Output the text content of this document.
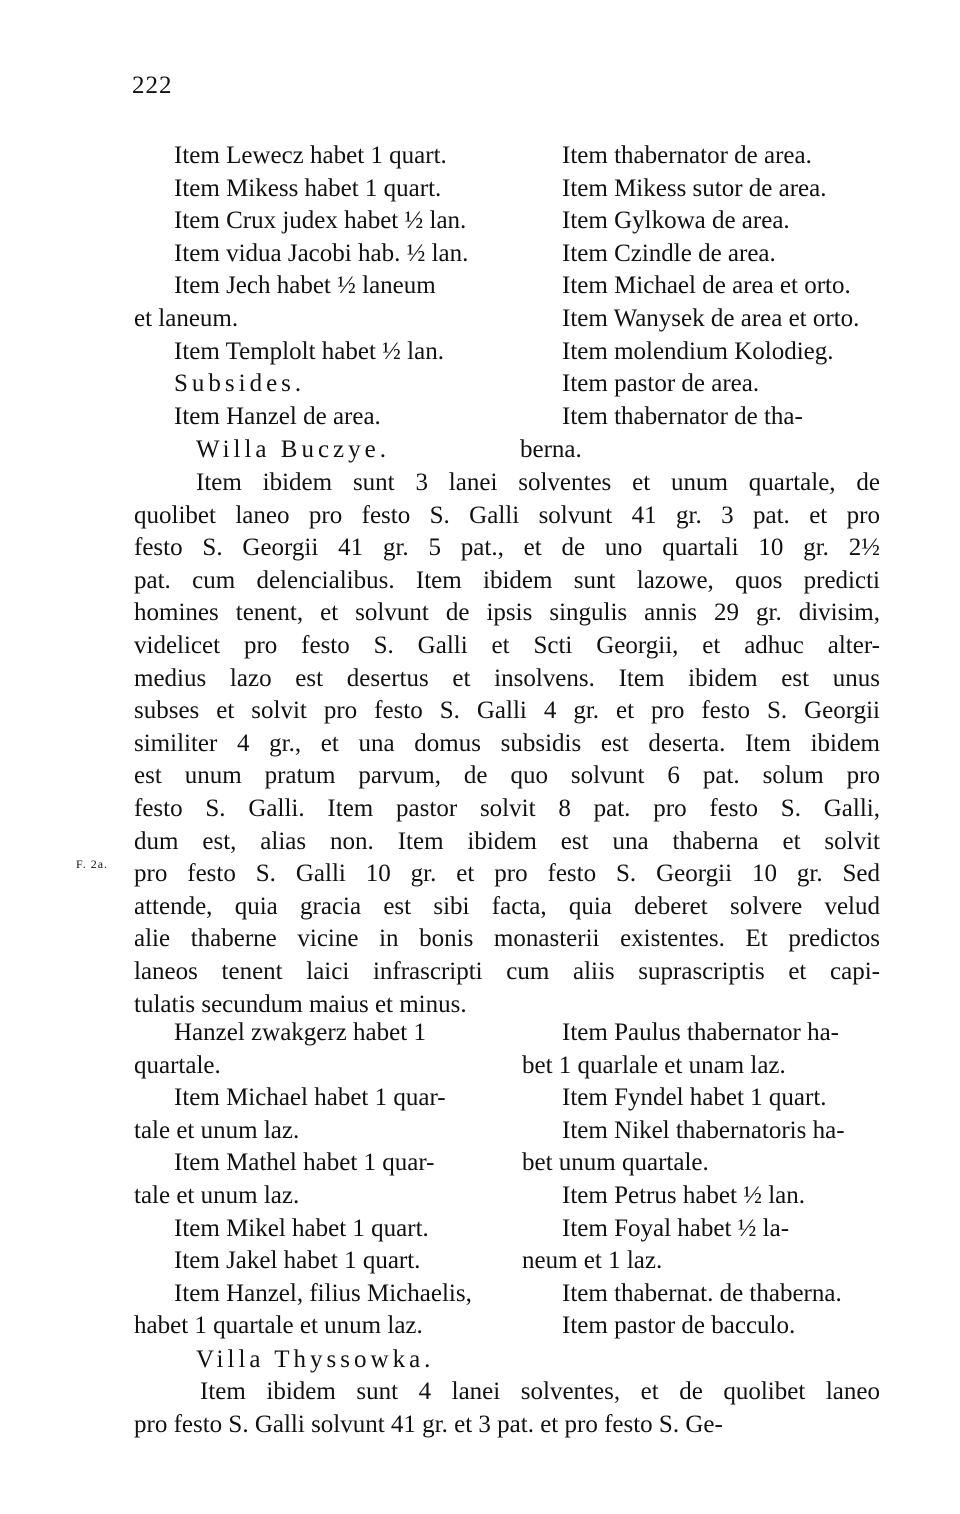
222
F. 2a.
Item Lewecz habet 1 quart.
Item Mikess habet 1 quart.
Item Crux judex habet ½ lan.
Item vidua Jacobi hab. ½ lan.
Item Jech habet ½ laneum
et laneum.
Item Templolt habet ½ lan.
Subsides.
Item Hanzel de area.
Item thabernator de area.
Item Mikess sutor de area.
Item Gylkowa de area.
Item Czindle de area.
Item Michael de area et orto.
Item Wanysek de area et orto.
Item molendium Kolodieg.
Item pastor de area.
Item thabernator de tha-
Willa Buczye.	berna.
Item ibidem sunt 3 lanei solventes et unum quartale, de
quolibet laneo pro festo S. Galli solvunt 41 gr. 3 pat. et pro
festo S. Georgii 41 gr. 5 pat., et de uno quartali 10 gr. 2½
pat. cum delencialibus. Item ibidem sunt lazowe, quos predicti
homines tenent, et solvunt de ipsis singulis annis 29 gr. divisim,
videlicet pro festo S. Galli et Scti Georgii, et adhuc alter-
medius lazo est desertus et insolvens. Item ibidem est unus
subses et solvit pro festo S. Galli 4 gr. et pro festo S. Georgii
similiter 4 gr., et una domus subsidis est deserta. Item ibidem
est unum pratum parvum, de quo solvunt 6 pat. solum pro
festo S. Galli. Item pastor solvit 8 pat. pro festo S. Galli,
dum est, alias non. Item ibidem est una thaberna et solvit
pro festo S. Galli 10 gr. et pro festo S. Georgii 10 gr. Sed
attende, quia gracia est sibi facta, quia deberet solvere velud
alie thaberne vicine in bonis monasterii existentes. Et predictos
laneos tenent laici infrascripti cum aliis suprascriptis et capi-
tulatis secundum maius et minus.
Hanzel zwakgerz habet 1
quartale.
Item Michael habet 1 quar-
tale et unum laz.
Item Mathel habet 1 quar-
tale et unum laz.
Item Mikel habet 1 quart.
Item Jakel habet 1 quart.
Item Hanzel, filius Michaelis,
habet 1 quartale et unum laz.
Item Paulus thabernator ha-
bet 1 quarlale et unam laz.
Item Fyndel habet 1 quart.
Item Nikel thabernatoris ha-
bet unum quartale.
Item Petrus habet ½ lan.
Item Foyal habet ½ la-
neum et 1 laz.
Item thabernat. de thaberna.
Item pastor de bacculo.
Villa Thyssowka.
Item ibidem sunt 4 lanei solventes, et de quolibet laneo
pro festo S. Galli solvunt 41 gr. et 3 pat. et pro festo S. Ge-
